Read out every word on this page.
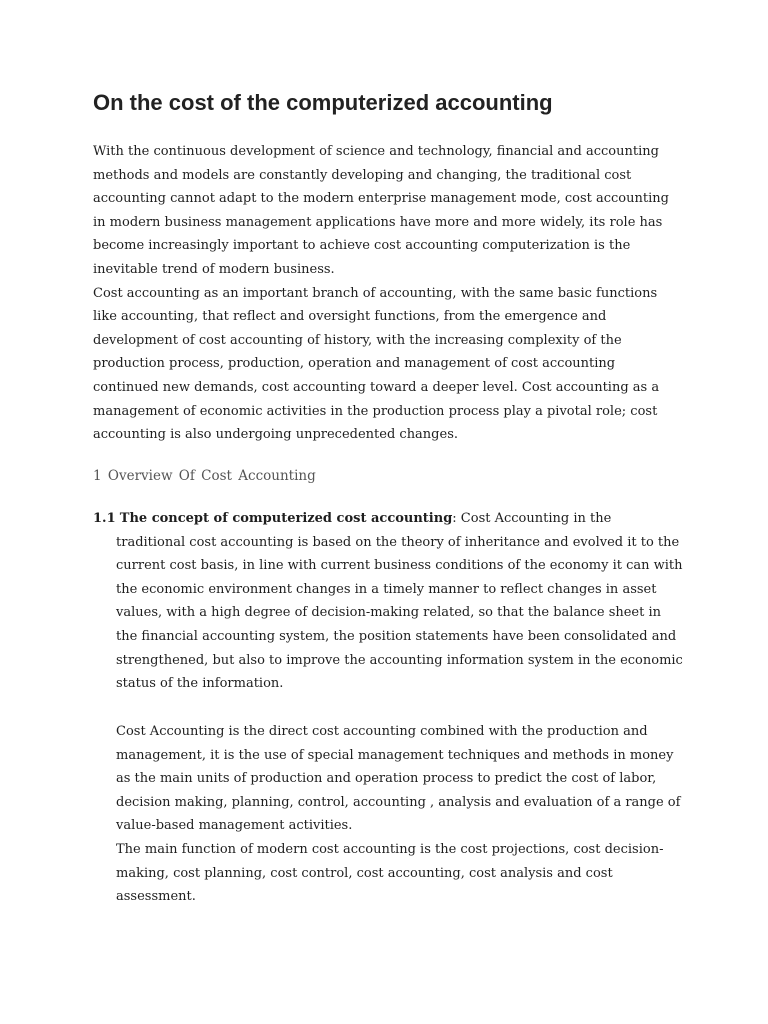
On the cost of the computerized accounting

With the continuous development of science and technology, financial and accounting methods and models are constantly developing and changing, the traditional cost accounting cannot adapt to the modern enterprise management mode, cost accounting in modern business management applications have more and more widely, its role has become increasingly important to achieve cost accounting computerization is the inevitable trend of modern business.

Cost accounting as an important branch of accounting, with the same basic functions like accounting, that reflect and oversight functions, from the emergence and development of cost accounting of history, with the increasing complexity of the production process, production, operation and management of cost accounting continued new demands, cost accounting toward a deeper level. Cost accounting as a management of economic activities in the production process play a pivotal role; cost accounting is also undergoing unprecedented changes.

1 Overview Of Cost Accounting
1.1 The concept of computerized cost accounting: Cost Accounting in the
traditional cost accounting is based on the theory of inheritance and evolved it to the current cost basis, in line with current business conditions of the economy it can with the economic environment changes in a timely manner to reflect changes in asset values, with a high degree of decision-making related, so that the balance sheet in the financial accounting system, the position statements have been consolidated and strengthened, but also to improve the accounting information system in the economic status of the information.
Cost Accounting is the direct cost accounting combined with the production and management, it is the use of special management techniques and methods in money as the main units of production and operation process to predict the cost of labor, decision making, planning, control, accounting , analysis and evaluation of a range of value-based management activities.
The main function of modern cost accounting is the cost projections, cost decision-making, cost planning, cost control, cost accounting, cost analysis and cost assessment.
